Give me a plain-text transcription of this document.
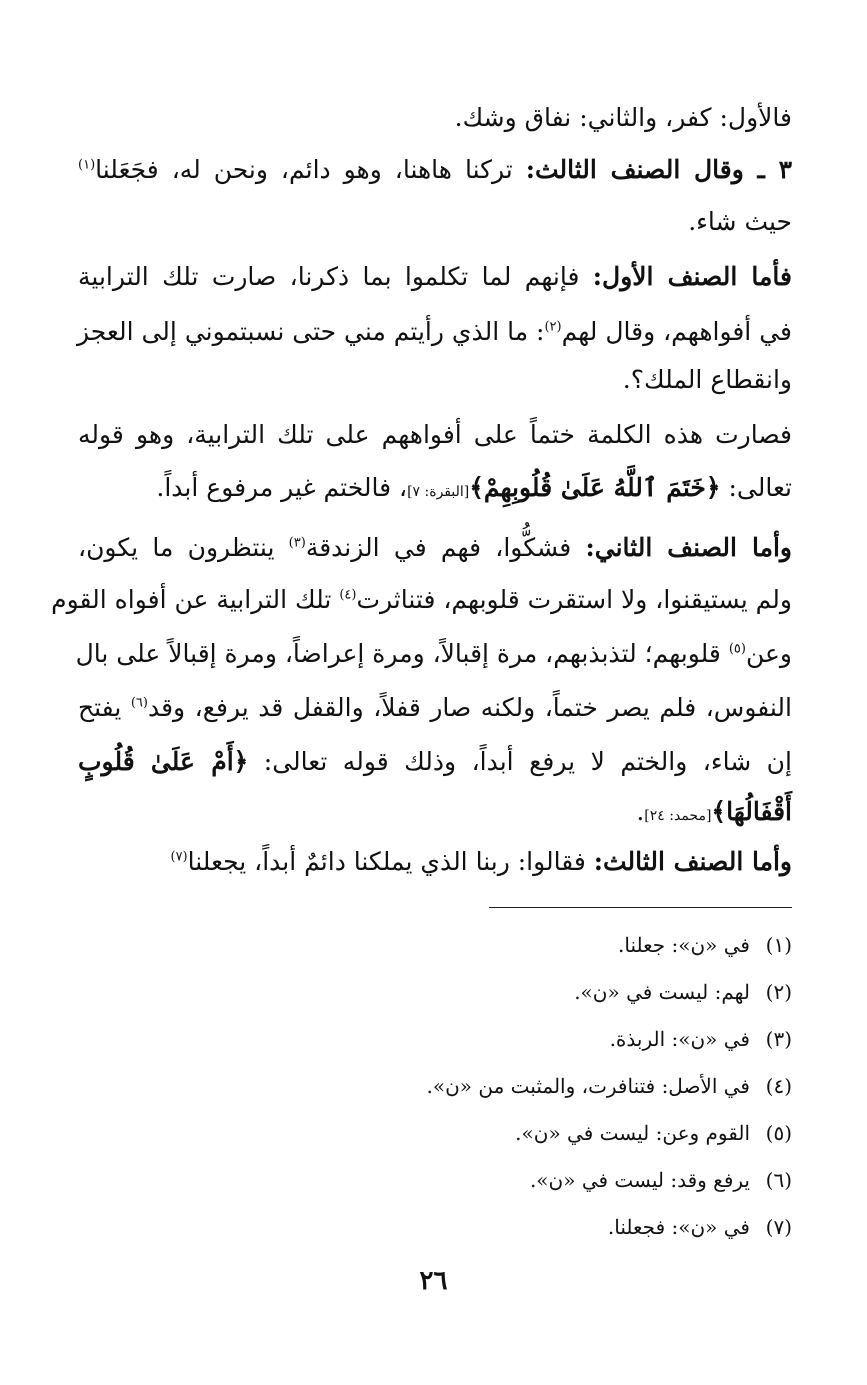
فالأول: كفر، والثاني: نفاق وشك.
٣ ـ وقال الصنف الثالث: تركنا هاهنا، وهو دائم، ونحن له، فجَعَلنا$^{(١)}$
حيث شاء.
فأما الصنف الأول: فإنهم لما تكلموا بما ذكرنا، صارت تلك الترابية
في أفواههم، وقال لهم$^{(٢)}$: ما الذي رأيتم مني حتى نسبتموني إلى العجز
وانقطاع الملك؟.
فصارت هذه الكلمة ختماً على أفواههم على تلك الترابية، وهو قوله
تعالى: ﴿خَتَمَ ٱللَّهُ عَلَىٰ قُلُوبِهِمْ﴾[البقرة: ٧]، فالختم غير مرفوع أبداً.
وأما الصنف الثاني: فشكُّوا، فهم في الزندقة$^{(٣)}$ ينتظرون ما يكون،
ولم يستيقنوا، ولا استقرت قلوبهم، فتناثرت$^{(٤)}$ تلك الترابية عن أفواه القوم
وعن$^{(٥)}$ قلوبهم؛ لتذبذبهم، مرة إقبالاً، ومرة إعراضاً، ومرة إقبالاً على بال
النفوس، فلم يصر ختماً، ولكنه صار قفلاً، والقفل قد يرفع، وقد$^{(٦)}$ يفتح
إن شاء، والختم لا يرفع أبداً، وذلك قوله تعالى: ﴿أَمْ عَلَىٰ قُلُوبٍ
أَقْفَالُهَا﴾[محمد: ٢٤].
وأما الصنف الثالث: فقالوا: ربنا الذي يملكنا دائمٌ أبداً، يجعلنا$^{(٧)}$
(١)في «ن»: جعلنا.
(٢)لهم: ليست في «ن».
(٣)في «ن»: الربذة.
(٤)في الأصل: فتنافرت، والمثبت من «ن».
(٥)القوم وعن: ليست في «ن».
(٦)يرفع وقد: ليست في «ن».
(٧)في «ن»: فجعلنا.
٢٦
